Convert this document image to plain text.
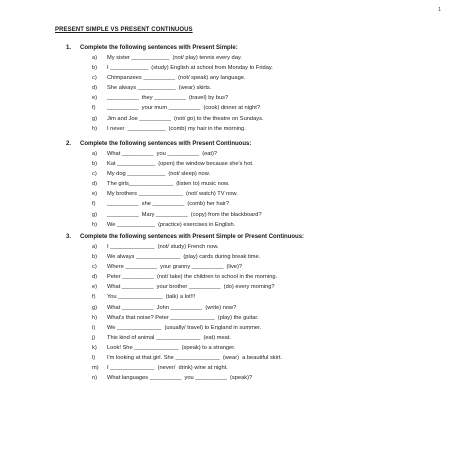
1
PRESENT SIMPLE VS PRESENT CONTINUOUS
1.	Complete the following sentences with Present Simple:
a)	My sister ____________  (not/ play) tennis every day.
b)	I ____________  (study) English at school from Monday to Friday.
c)	Chimpanzees __________  (not/ speak) any language.
d)	She always ____________  (wear) skirts.
e)	__________  they __________  (travel) by bus?
f)	__________  your mum __________  (cook) dinner at night?
g)	Jim and Joe __________  (not/ go) to the theatre on Sundays.
h)	I never  ____________  (comb) my hair in the morning.
2.	Complete the following sentences with Present Continuous:
a)	What __________  you __________  (eat)?
b)	Kat ____________  (open) the window because she's hot.
c)	My dog ____________  (not/ sleep) now.
d)	The girls______________  (listen to) music now.
e)	My brothers ______________  (not/ watch) TV now.
f)	__________  she __________  (comb) her hair?
g)	__________  Mary __________  (copy) from the blackboard?
h)	We ____________  (practice) exercises in English.
3.	Complete the following sentences with Present Simple or Present Continuous:
a)	I ______________  (not/ study) French now.
b)	We always ______________  (play) cards during break time.
c)	Where __________  your granny __________  (live)?
d)	Peter __________  (not/ take) the children to school in the morning.
e)	What __________  your brother __________  (do) every morning?
f)	You ______________  (talk) a lot!!!
g)	What __________  John __________  (write) now?
h)	What's that noise? Peter ______________  (play) the guitar.
i)	We ______________  (usually/ travel) to England in summer.
j)	This kind of animal ______________  (eat) meat.
k)	Look! She ______________  (speak) to a stranger.
l)	I'm looking at that girl. She ______________  (wear)  a beautiful skirt.
m)	I ______________  (never/  drink) wine at night.
n)	What languages __________  you __________  (speak)?
